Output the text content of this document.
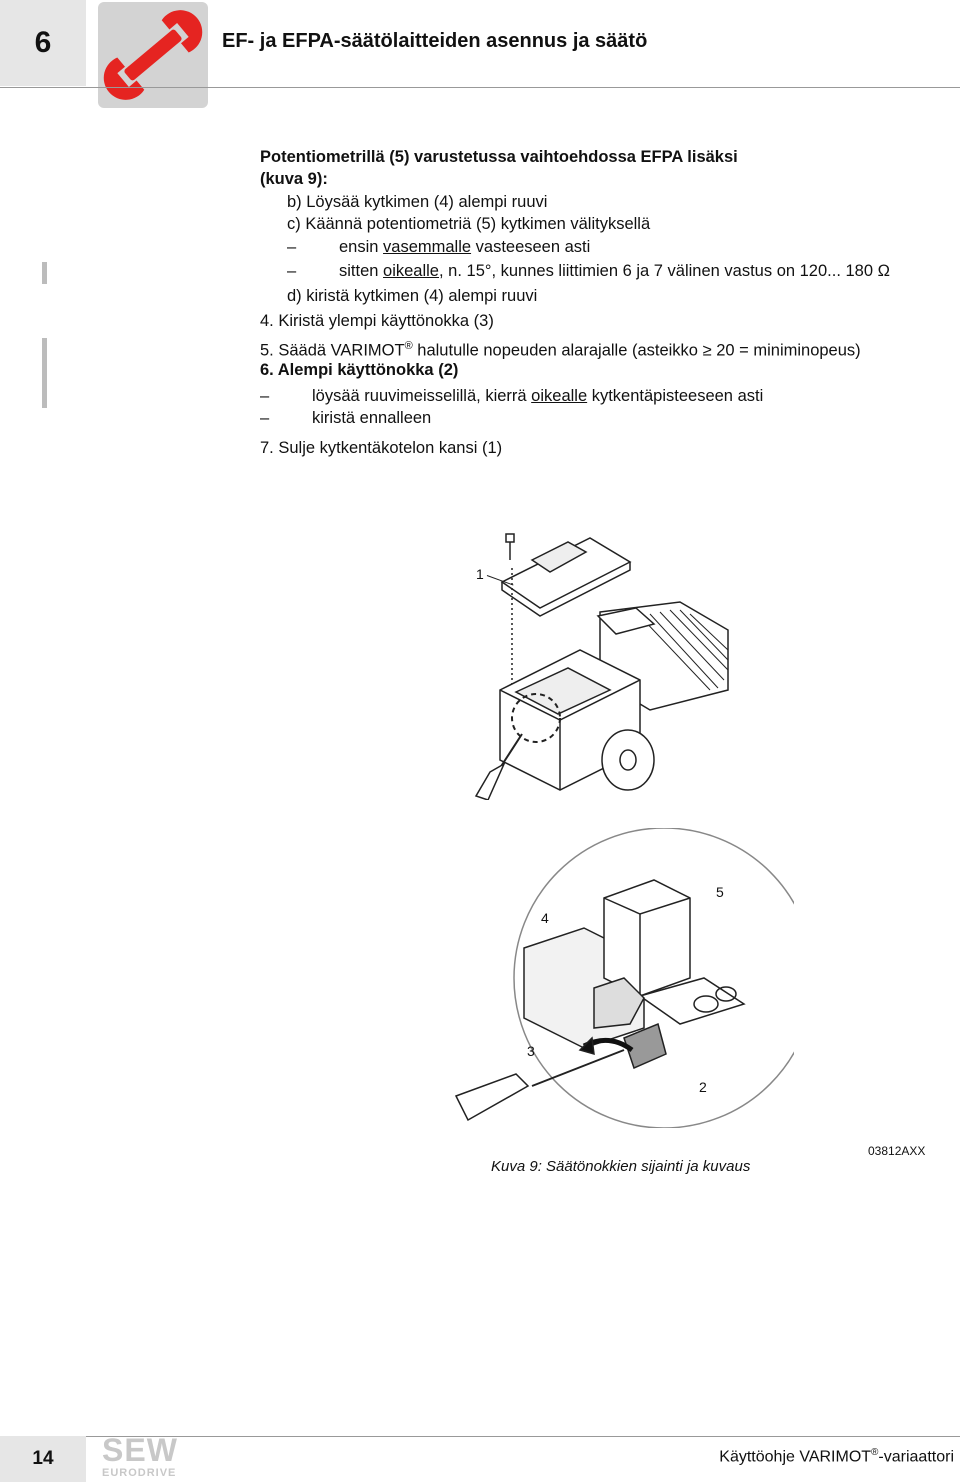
6	EF- ja EFPA-säätölaitteiden asennus ja säätö
Potentiometrillä (5) varustetussa vaihtoehdossa EFPA lisäksi
(kuva 9):
b) Löysää kytkimen (4) alempi ruuvi
c) Käännä potentiometriä (5) kytkimen välityksellä
–	ensin vasemmalle vasteeseen asti
–	sitten oikealle, n. 15°, kunnes liittimien 6 ja 7 välinen vastus on 120... 180 Ω
d) kiristä kytkimen (4) alempi ruuvi
4. Kiristä ylempi käyttönokka (3)
5. Säädä VARIMOT® halutulle nopeuden alarajalle (asteikko ≥ 20 = miniminopeus)
6. Alempi käyttönokka (2)
–	löysää ruuvimeisselillä, kierrä oikealle kytkentäpisteeseen asti
–	kiristä ennalleen
7. Sulje kytkentäkotelon kansi (1)
1
5
4
3
2
Kuva 9: Säätönokkien sijainti ja kuvaus
03812AXX
14	SEW
EURODRIVE
Käyttöohje VARIMOT®-variaattori
